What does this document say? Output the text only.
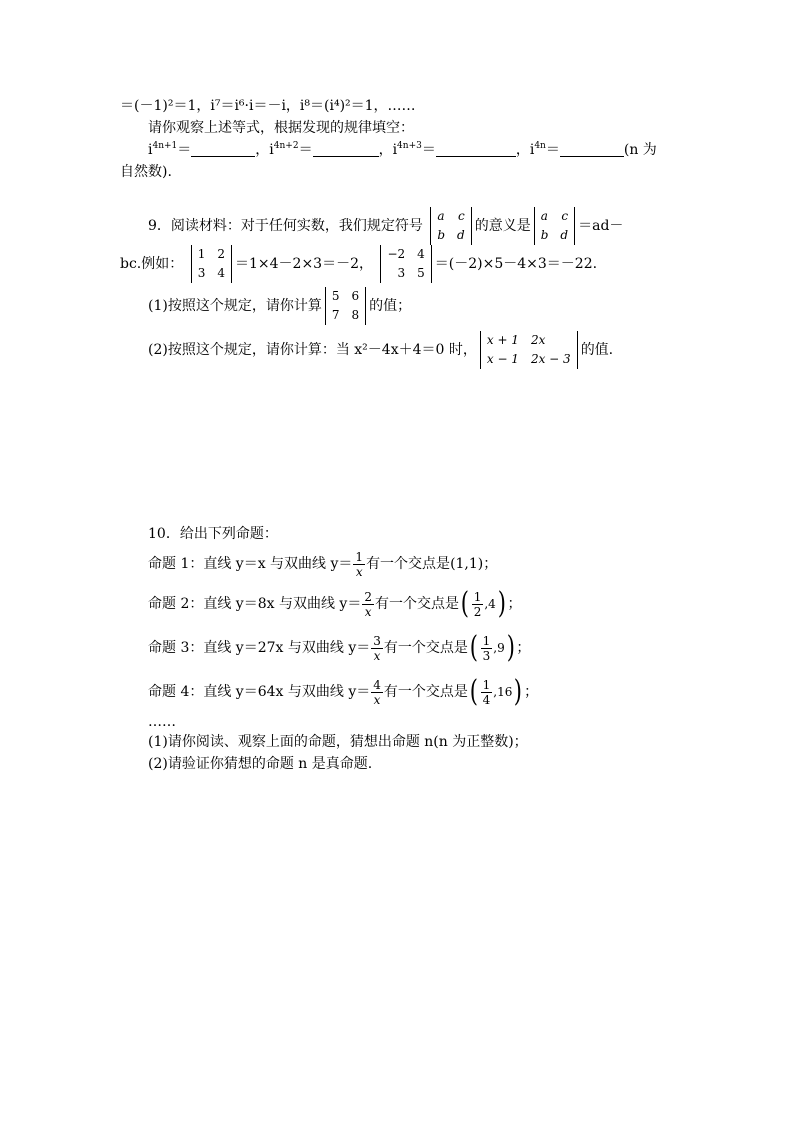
＝(－1)²＝1，i⁷＝i⁶·i＝－i，i⁸＝(i⁴)²＝1，……
请你观察上述等式，根据发现的规律填空：
$i^{4n+1}=$	，$i^{4n+2}=$	，$i^{4n+3}=$	，$i^{4n}=$	(n 为
自然数).
9．阅读材料：对于任何实数，我们规定符号
a	c
b	d
的意义是
a	c
b	d
＝ad－
bc.例如：
1	2
3	4
＝1×4－2×3＝－2，
−2	4
3	5
＝(－2)×5－4×3＝－22.
(1)按照这个规定，请你计算
5	6
7	8
的值；
(2)按照这个规定，请你计算：当 x²－4x＋4＝0 时，
x + 1	2x
x − 1	2x − 3
的值.
10．给出下列命题：
命题 1：直线 y＝x 与双曲线 $y= \frac{1}{x}$ 有一个交点是(1,1)；
命题 2：直线 y＝8x 与双曲线 $y= \frac{2}{x}$ 有一个交点是 ( $\frac{1}{2} ,4$ ) ；
命题 3：直线 y＝27x 与双曲线 $y= \frac{3}{x}$ 有一个交点是 ( $\frac{1}{3} ,9$ ) ；
命题 4：直线 y＝64x 与双曲线 $y= \frac{4}{x}$ 有一个交点是 ( $\frac{1}{4} ,16$ ) ；
……
(1)请你阅读、观察上面的命题，猜想出命题 n(n 为正整数)；
(2)请验证你猜想的命题 n 是真命题.
